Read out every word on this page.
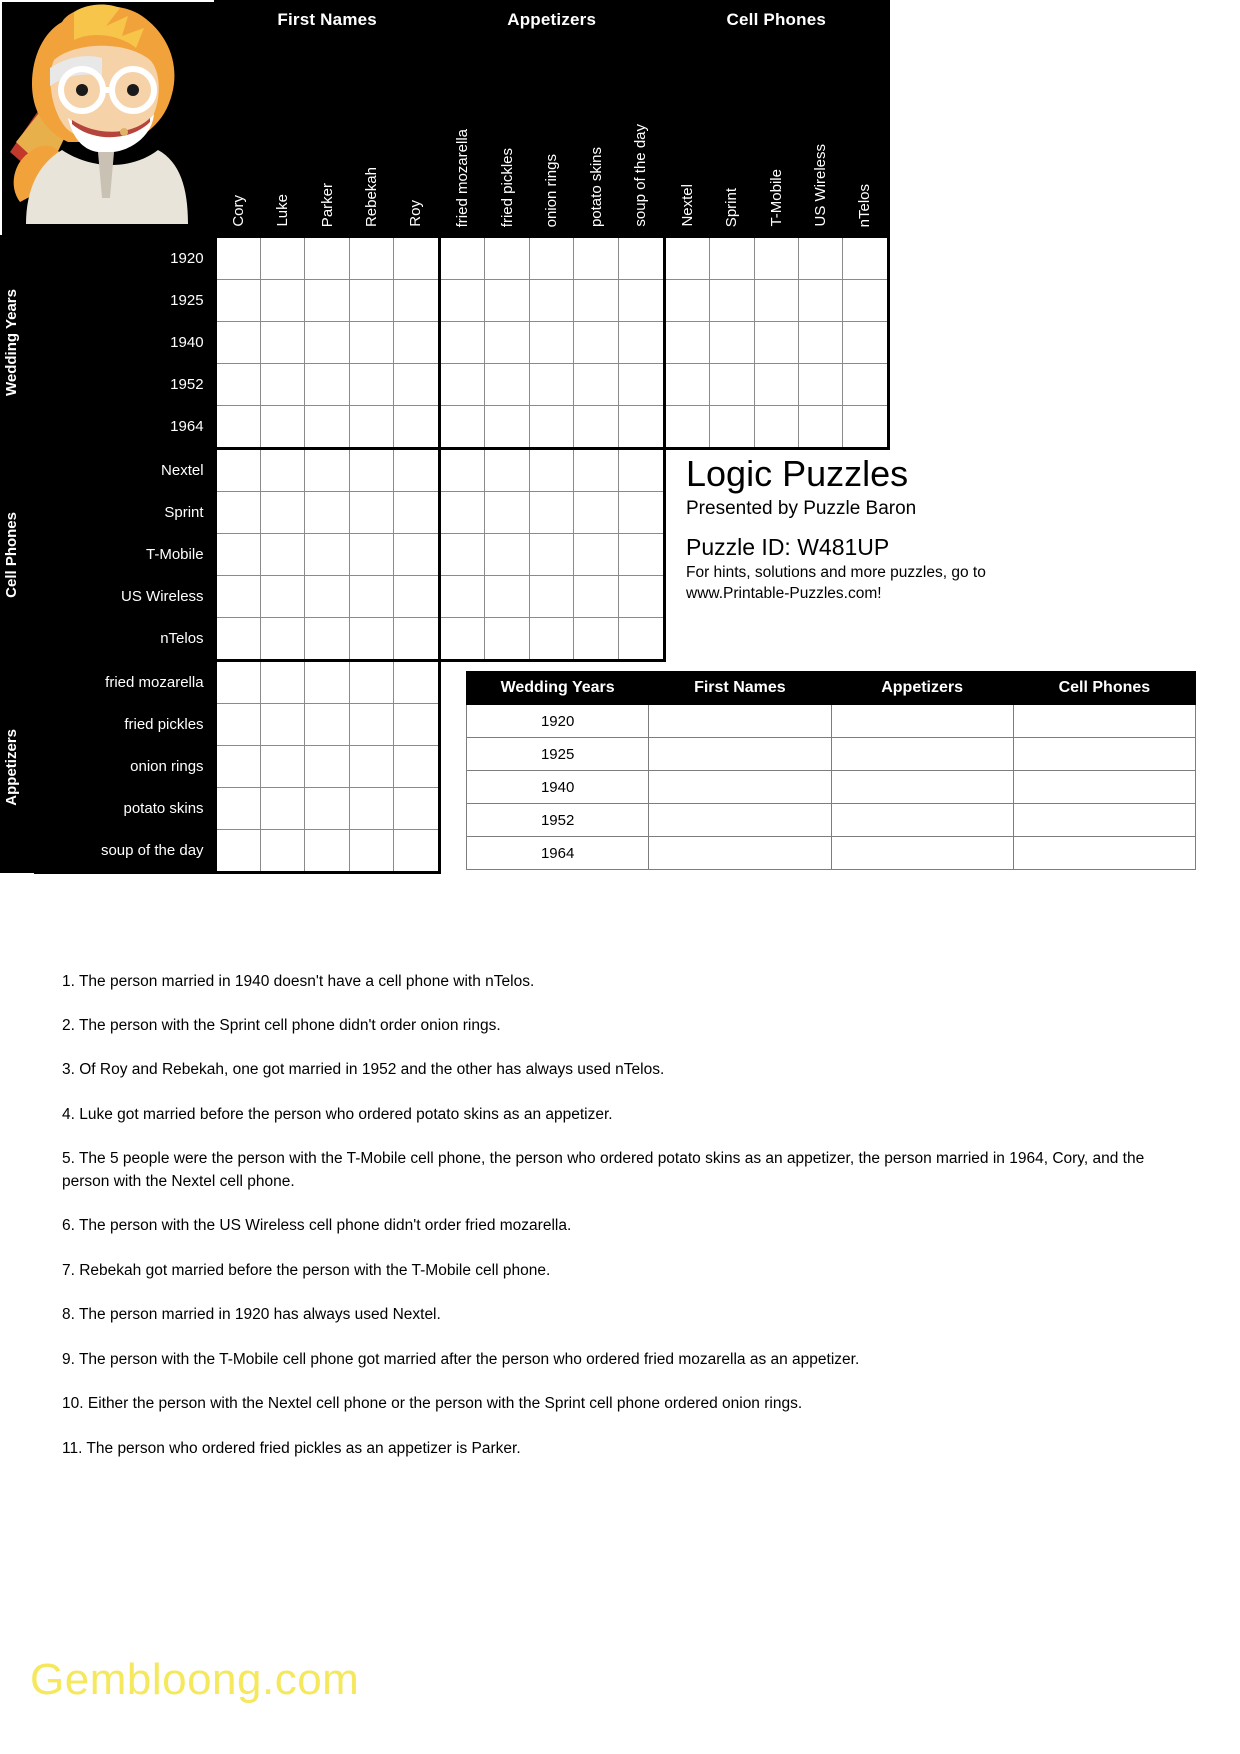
	First Names					Appetizers					Cell Phones				

		Cory	Luke	Parker	Rebekah	Roy	fried mozarella	fried pickles	onion rings	potato skins	soup of the day	Nextel	Sprint	T-Mobile	US Wireless	nTelos

Wedding Years	1920															
	1925															
	1940															
	1952															
	1964															

Cell Phones	Nextel															
	Sprint															
	T-Mobile															
	US Wireless															
	nTelos															

Appetizers	fried mozarella															
	fried pickles															
	onion rings															
	potato skins															
	soup of the day															
Logic Puzzles
Presented by Puzzle Baron
Puzzle ID: W481UP
For hints, solutions and more puzzles, go to
www.Printable-Puzzles.com!
Wedding Years	First Names	Appetizers	Cell Phones
1920			
1925			
1940			
1952			
1964			

1. The person married in 1940 doesn't have a cell phone with nTelos.

2. The person with the Sprint cell phone didn't order onion rings.

3. Of Roy and Rebekah, one got married in 1952 and the other has always used nTelos.

4. Luke got married before the person who ordered potato skins as an appetizer.

5. The 5 people were the person with the T-Mobile cell phone, the person who ordered potato skins as an appetizer, the person married in 1964, Cory, and the person with the Nextel cell phone.

6. The person with the US Wireless cell phone didn't order fried mozarella.

7. Rebekah got married before the person with the T-Mobile cell phone.

8. The person married in 1920 has always used Nextel.

9. The person with the T-Mobile cell phone got married after the person who ordered fried mozarella as an appetizer.

10. Either the person with the Nextel cell phone or the person with the Sprint cell phone ordered onion rings.

11. The person who ordered fried pickles as an appetizer is Parker.

Gembloong.com
